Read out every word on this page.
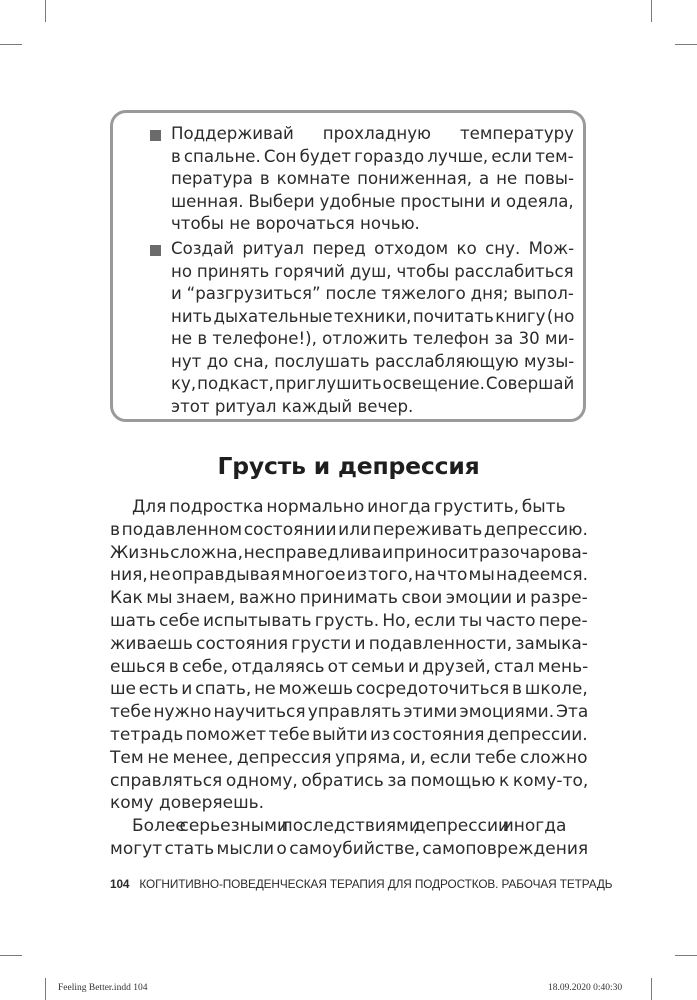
Поддерживай прохладную температуру
в спальне. Сон будет гораздо лучше, если тем-
пература в комнате пониженная, а не повы-
шенная. Выбери удобные простыни и одеяла,
чтобы не ворочаться ночью.
Создай ритуал перед отходом ко сну. Мож-
но принять горячий душ, чтобы расслабиться
и “разгрузиться” после тяжелого дня; выпол-
нить дыхательные техники, почитать книгу (но
не в телефоне!), отложить телефон за 30 ми-
нут до сна, послушать расслабляющую музы-
ку, подкаст, приглушить освещение. Совершай
этот ритуал каждый вечер.
Грусть и депрессия
Для подростка нормально иногда грустить, быть
в подавленном состоянии или переживать депрессию.
Жизнь сложна, несправедлива и приносит разочарова-
ния, не оправдывая многое из того, на что мы надеемся.
Как мы знаем, важно принимать свои эмоции и разре-
шать себе испытывать грусть. Но, если ты часто пере-
живаешь состояния грусти и подавленности, замыка-
ешься в себе, отдаляясь от семьи и друзей, стал мень-
ше есть и спать, не можешь сосредоточиться в школе,
тебе нужно научиться управлять этими эмоциями. Эта
тетрадь поможет тебе выйти из состояния депрессии.
Тем не менее, депрессия упряма, и, если тебе сложно
справляться одному, обратись за помощью к кому-то,
кому доверяешь.
Более серьезными последствиями депрессии иногда
могут стать мысли о самоубийстве, самоповреждения
104 КОГНИТИВНО-ПОВЕДЕНЧЕСКАЯ ТЕРАПИЯ ДЛЯ ПОДРОСТКОВ. РАБОЧАЯ ТЕТРАДЬ
Feeling Better.indd 104	18.09.2020 0:40:30
